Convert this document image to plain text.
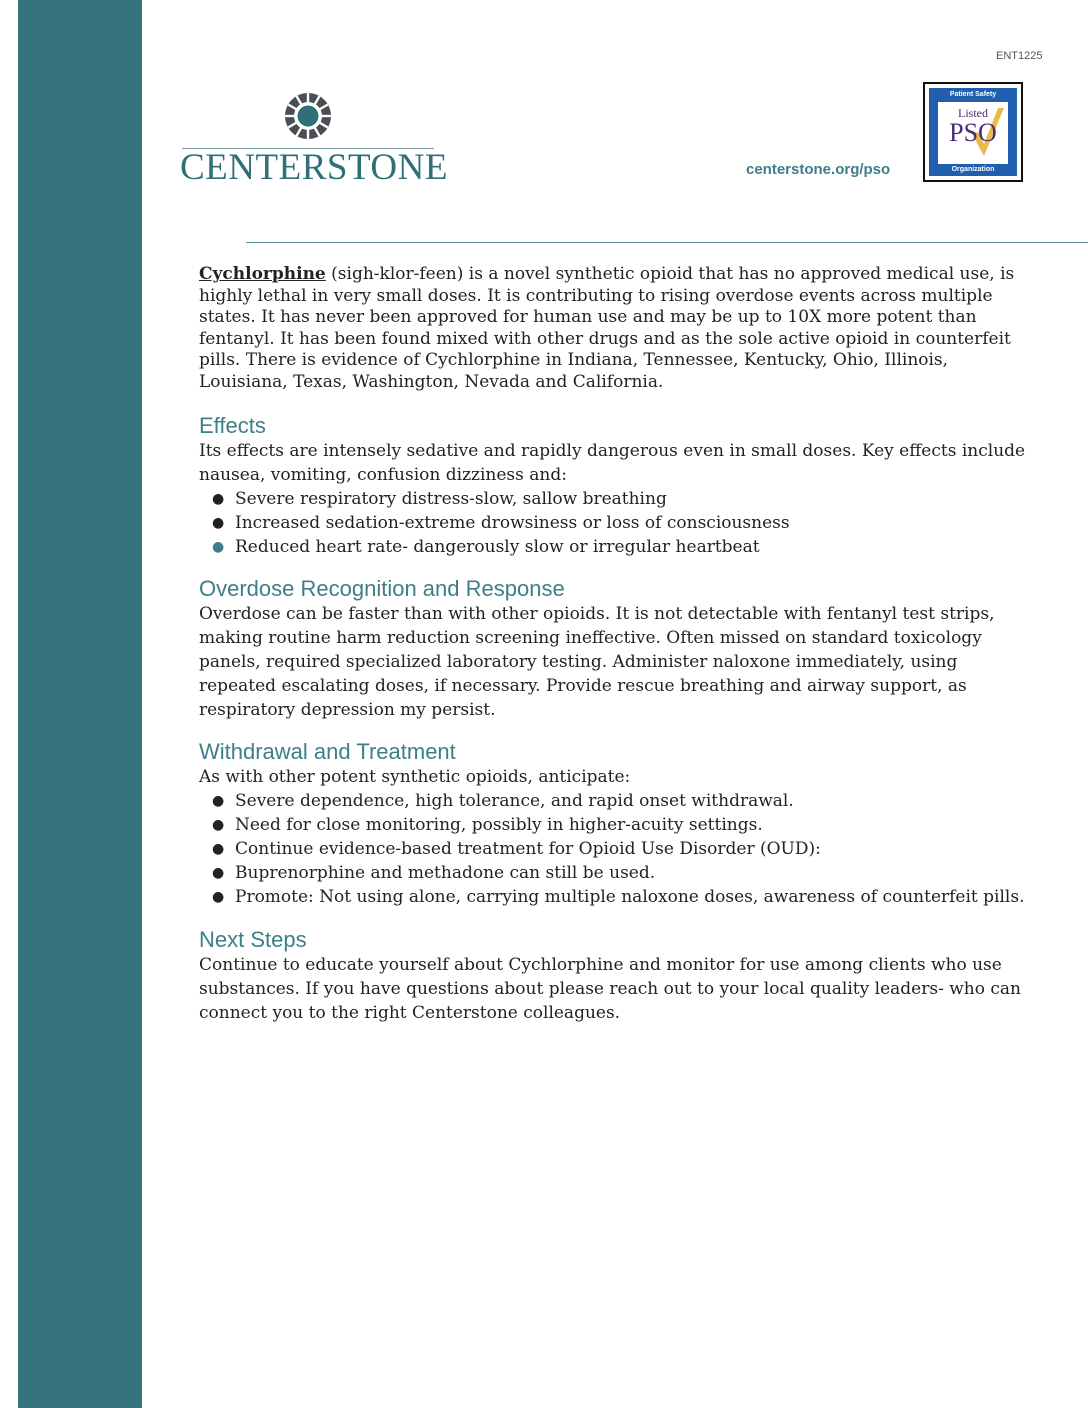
ENT1225
CENTERSTONE	centerstone.org/pso
Patient Safety
Listed
PSO
Organization

Cychlorphine (sigh-klor-feen) is a novel synthetic opioid that has no approved medical use, is highly lethal in very small doses. It is contributing to rising overdose events across multiple states. It has never been approved for human use and may be up to 10X more potent than fentanyl. It has been found mixed with other drugs and as the sole active opioid in counterfeit pills. There is evidence of Cychlorphine in Indiana, Tennessee, Kentucky, Ohio, Illinois, Louisiana, Texas, Washington, Nevada and California.

Effects

Its effects are intensely sedative and rapidly dangerous even in small doses. Key effects include nausea, vomiting, confusion dizziness and:

● Severe respiratory distress-slow, sallow breathing
● Increased sedation-extreme drowsiness or loss of consciousness
● Reduced heart rate- dangerously slow or irregular heartbeat
Overdose Recognition and Response

Overdose can be faster than with other opioids. It is not detectable with fentanyl test strips, making routine harm reduction screening ineffective. Often missed on standard toxicology panels, required specialized laboratory testing. Administer naloxone immediately, using repeated escalating doses, if necessary. Provide rescue breathing and airway support, as respiratory depression my persist.

Withdrawal and Treatment

As with other potent synthetic opioids, anticipate:

● Severe dependence, high tolerance, and rapid onset withdrawal.
● Need for close monitoring, possibly in higher-acuity settings.
● Continue evidence-based treatment for Opioid Use Disorder (OUD):
● Buprenorphine and methadone can still be used.
● Promote: Not using alone, carrying multiple naloxone doses, awareness of counterfeit pills.
Next Steps

Continue to educate yourself about Cychlorphine and monitor for use among clients who use substances. If you have questions about please reach out to your local quality leaders- who can connect you to the right Centerstone colleagues.
